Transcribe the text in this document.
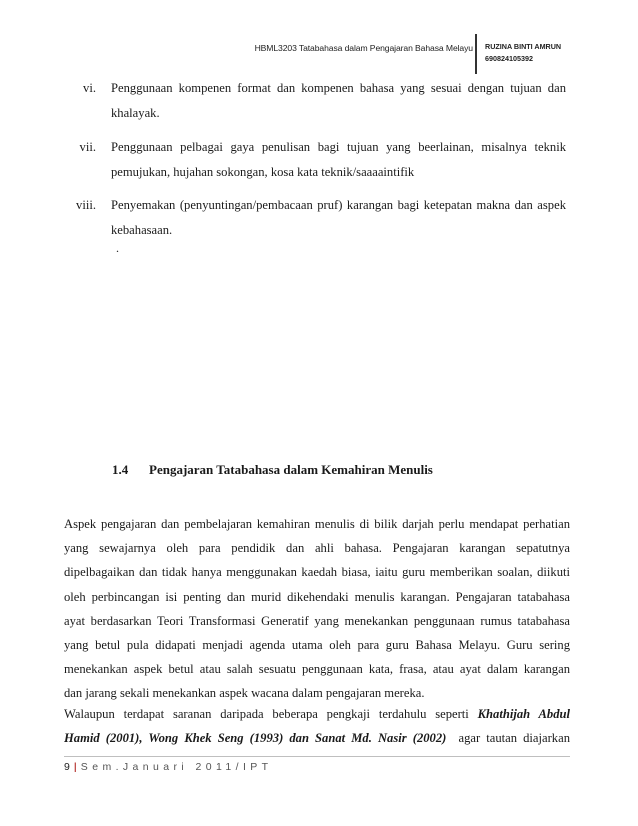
HBML3203 Tatabahasa dalam Pengajaran Bahasa Melayu RUZINA BINTI AMRUN
690824105392
vi. Penggunaan kompenen format dan kompenen bahasa yang sesuai dengan tujuan dan
khalayak.
vii. Penggunaan pelbagai gaya penulisan bagi tujuan yang beerlainan, misalnya teknik
pemujukan, hujahan sokongan, kosa kata teknik/saaaaintifik
viii. Penyemakan (penyuntingan/pembacaan pruf) karangan bagi ketepatan makna dan aspek
kebahasaan.
.
1.4 Pengajaran Tatabahasa dalam Kemahiran Menulis
Aspek pengajaran dan pembelajaran kemahiran menulis di bilik darjah perlu mendapat perhatian
yang sewajarnya oleh para pendidik dan ahli bahasa. Pengajaran karangan sepatutnya
dipelbagaikan dan tidak hanya menggunakan kaedah biasa, iaitu guru memberikan soalan, diikuti
oleh perbincangan isi penting dan murid dikehendaki menulis karangan. Pengajaran tatabahasa
ayat berdasarkan Teori Transformasi Generatif yang menekankan penggunaan rumus tatabahasa
yang betul pula didapati menjadi agenda utama oleh para guru Bahasa Melayu. Guru sering
menekankan aspek betul atau salah sesuatu penggunaan kata, frasa, atau ayat dalam karangan
dan jarang sekali menekankan aspek wacana dalam pengajaran mereka.
Walaupun terdapat saranan daripada beberapa pengkaji terdahulu seperti Khathijah Abdul
Hamid (2001), Wong Khek Seng (1993) dan Sanat Md. Nasir (2002) agar tautan diajarkan
9 | Sem.Januari 2011/IPT
